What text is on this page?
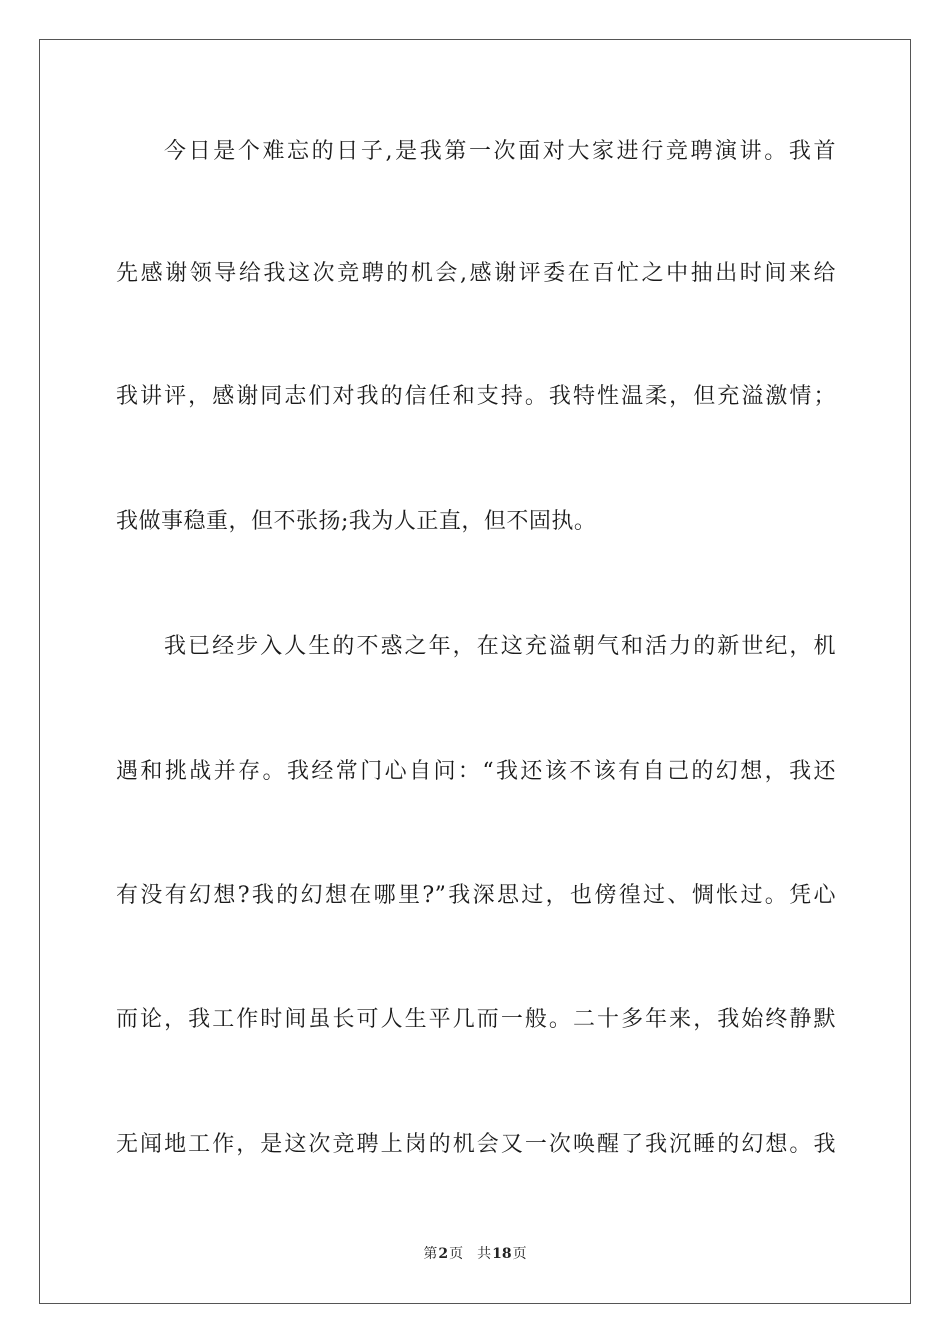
今日是个难忘的日子,是我第一次面对大家进行竞聘演讲。我首
先感谢领导给我这次竞聘的机会,感谢评委在百忙之中抽出时间来给
我讲评，感谢同志们对我的信任和支持。我特性温柔，但充溢激情；
我做事稳重，但不张扬;我为人正直，但不固执。
我已经步入人生的不惑之年，在这充溢朝气和活力的新世纪，机
遇和挑战并存。我经常门心自问：“我还该不该有自己的幻想，我还
有没有幻想?我的幻想在哪里?”我深思过，也傍徨过、惆怅过。凭心
而论，我工作时间虽长可人生平几而一般。二十多年来，我始终静默
无闻地工作，是这次竞聘上岗的机会又一次唤醒了我沉睡的幻想。我
第2页 共18页
